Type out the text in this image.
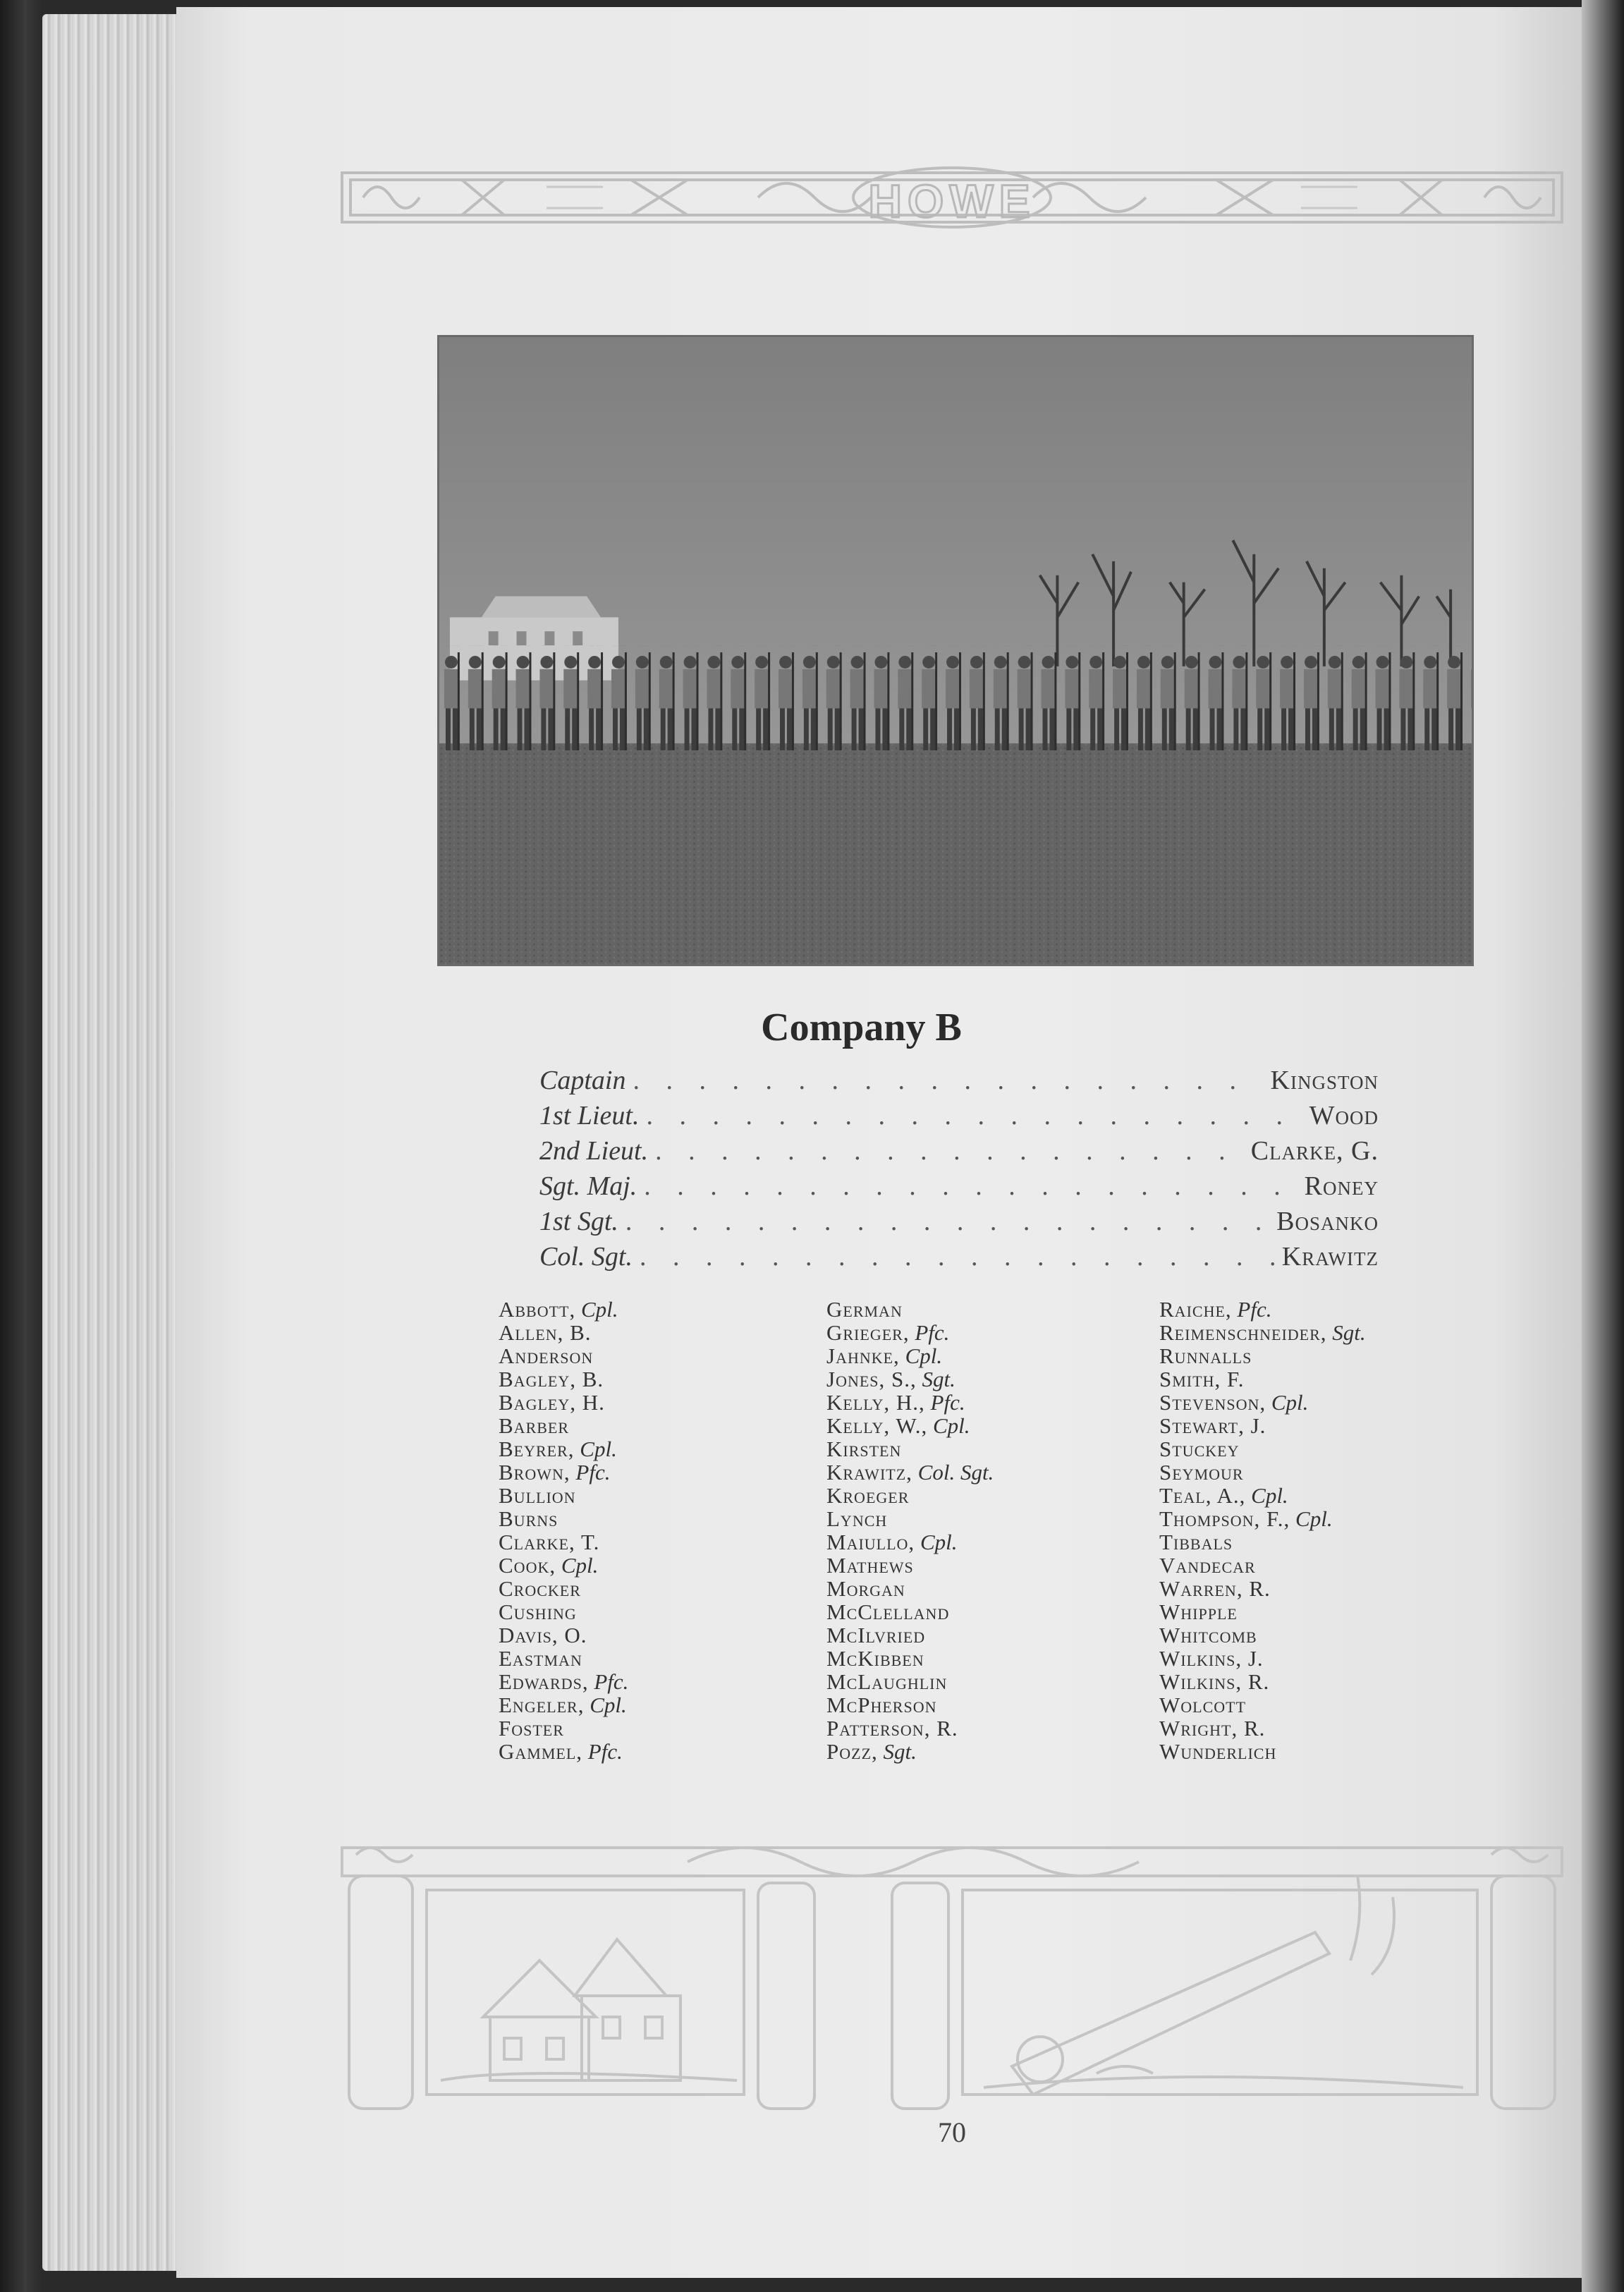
HOWE
Company B
Captain . . .	Kingston
1st Lieut. . . .	Wood
2nd Lieut. . . .	Clarke, G.
Sgt. Maj. . . .	Roney
1st Sgt. . . .	Bosanko
Col. Sgt. . . .	Krawitz
Abbott, Cpl.
Allen, B.
Anderson
Bagley, B.
Bagley, H.
Barber
Beyrer, Cpl.
Brown, Pfc.
Bullion
Burns
Clarke, T.
Cook, Cpl.
Crocker
Cushing
Davis, O.
Eastman
Edwards, Pfc.
Engeler, Cpl.
Foster
Gammel, Pfc.
German
Grieger, Pfc.
Jahnke, Cpl.
Jones, S., Sgt.
Kelly, H., Pfc.
Kelly, W., Cpl.
Kirsten
Krawitz, Col. Sgt.
Kroeger
Lynch
Maiullo, Cpl.
Mathews
Morgan
McClelland
McIlvried
McKibben
McLaughlin
McPherson
Patterson, R.
Pozz, Sgt.
Raiche, Pfc.
Reimenschneider, Sgt.
Runnalls
Smith, F.
Stevenson, Cpl.
Stewart, J.
Stuckey
Seymour
Teal, A., Cpl.
Thompson, F., Cpl.
Tibbals
Vandecar
Warren, R.
Whipple
Whitcomb
Wilkins, J.
Wilkins, R.
Wolcott
Wright, R.
Wunderlich
70
